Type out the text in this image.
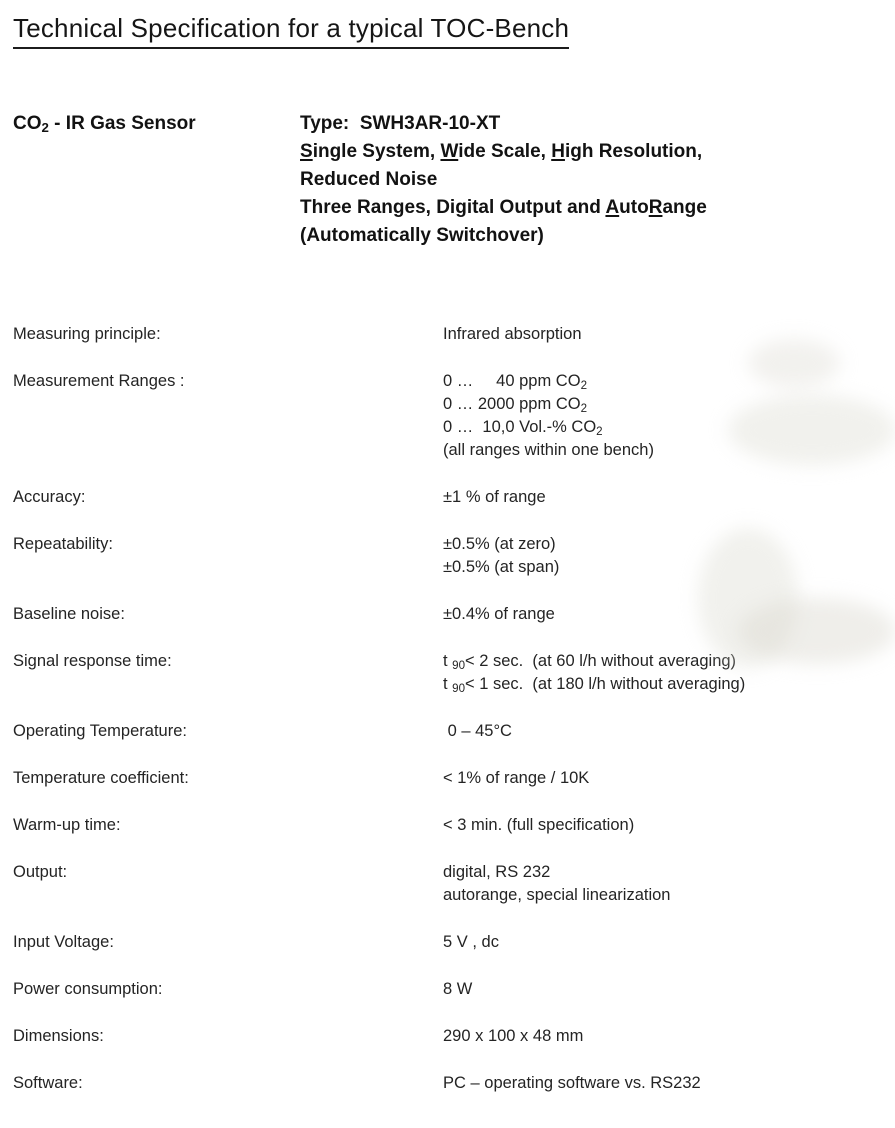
Technical Specification for a typical TOC-Bench
$CO_2$ - IR Gas Sensor	Type:  SWH3AR-10-XT
Single System, Wide Scale, High Resolution,
Reduced Noise
Three Ranges, Digital Output and AutoRange
(Automatically Switchover)
Measuring principle:	Infrared absorption
Measurement Ranges :	0 …     40 ppm $CO_2$
0 … 2000 ppm $CO_2$
0 …  10,0 Vol.-% $CO_2$
(all ranges within one bench)
Accuracy:	±1 % of range
Repeatability:	±0.5% (at zero)
±0.5% (at span)
Baseline noise:	±0.4% of range
Signal response time:	t $_{90}$< 2 sec.  (at 60 l/h without averaging)
t $_{90}$< 1 sec.  (at 180 l/h without averaging)
Operating Temperature:	0 – 45°C
Temperature coefficient:	< 1% of range / 10K
Warm-up time:	< 3 min. (full specification)
Output:	digital, RS 232
autorange, special linearization
Input Voltage:	5 V , dc
Power consumption:	8 W
Dimensions:	290 x 100 x 48 mm
Software:	PC – operating software vs. RS232
